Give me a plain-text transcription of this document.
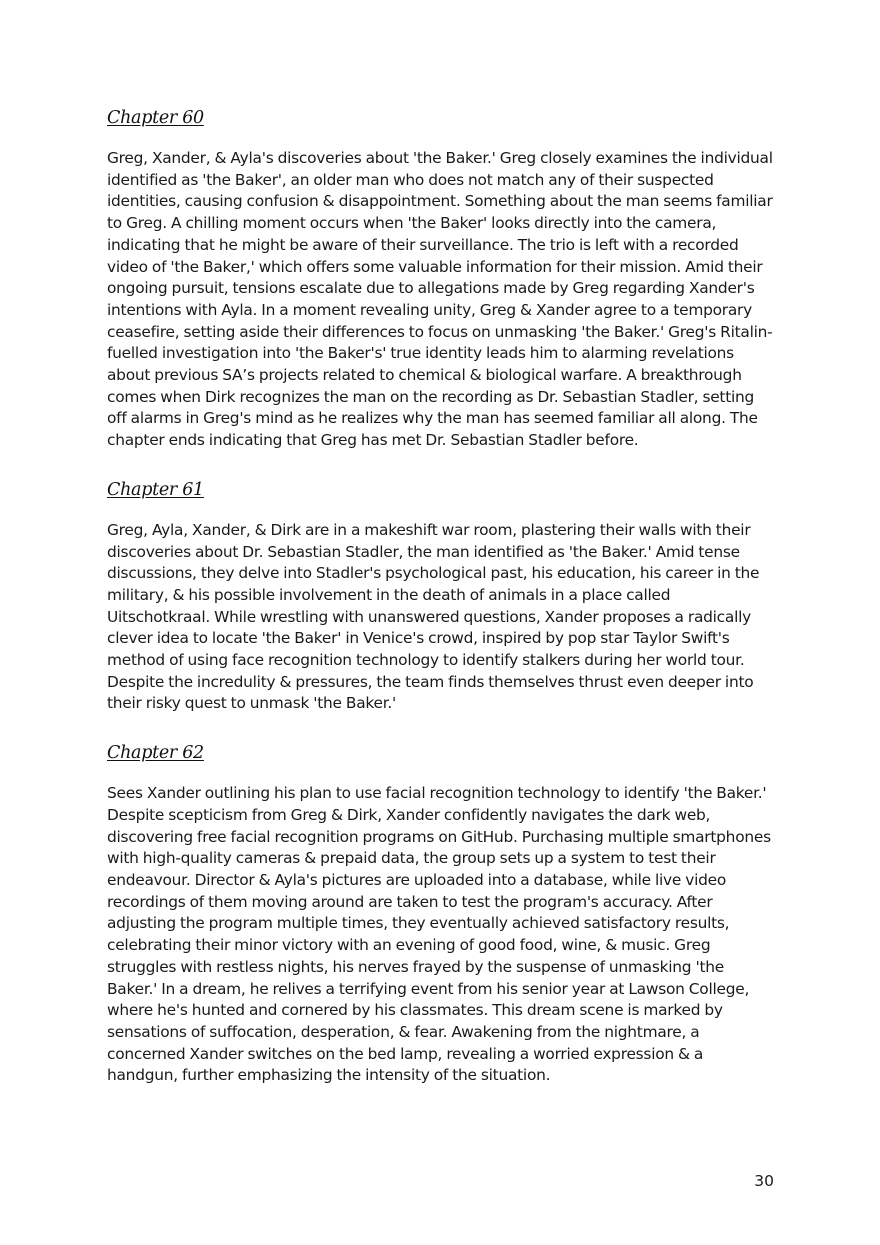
Chapter 60

Greg, Xander, & Ayla's discoveries about 'the Baker.' Greg closely examines the individual identified as 'the Baker', an older man who does not match any of their suspected identities, causing confusion & disappointment. Something about the man seems familiar to Greg. A chilling moment occurs when 'the Baker' looks directly into the camera, indicating that he might be aware of their surveillance. The trio is left with a recorded video of 'the Baker,' which offers some valuable information for their mission. Amid their ongoing pursuit, tensions escalate due to allegations made by Greg regarding Xander's intentions with Ayla. In a moment revealing unity, Greg & Xander agree to a temporary ceasefire, setting aside their differences to focus on unmasking 'the Baker.' Greg's Ritalin-fuelled investigation into 'the Baker's' true identity leads him to alarming revelations about previous SA’s projects related to chemical & biological warfare. A breakthrough comes when Dirk recognizes the man on the recording as Dr. Sebastian Stadler, setting off alarms in Greg's mind as he realizes why the man has seemed familiar all along. The chapter ends indicating that Greg has met Dr. Sebastian Stadler before.

Chapter 61

Greg, Ayla, Xander, & Dirk are in a makeshift war room, plastering their walls with their discoveries about Dr. Sebastian Stadler, the man identified as 'the Baker.' Amid tense discussions, they delve into Stadler's psychological past, his education, his career in the military, & his possible involvement in the death of animals in a place called Uitschotkraal. While wrestling with unanswered questions, Xander proposes a radically clever idea to locate 'the Baker' in Venice's crowd, inspired by pop star Taylor Swift's method of using face recognition technology to identify stalkers during her world tour. Despite the incredulity & pressures, the team finds themselves thrust even deeper into their risky quest to unmask 'the Baker.'

Chapter 62

Sees Xander outlining his plan to use facial recognition technology to identify 'the Baker.' Despite scepticism from Greg & Dirk, Xander confidently navigates the dark web, discovering free facial recognition programs on GitHub. Purchasing multiple smartphones with high-quality cameras & prepaid data, the group sets up a system to test their endeavour. Director & Ayla's pictures are uploaded into a database, while live video recordings of them moving around are taken to test the program's accuracy. After adjusting the program multiple times, they eventually achieved satisfactory results, celebrating their minor victory with an evening of good food, wine, & music. Greg struggles with restless nights, his nerves frayed by the suspense of unmasking 'the Baker.' In a dream, he relives a terrifying event from his senior year at Lawson College, where he's hunted and cornered by his classmates. This dream scene is marked by sensations of suffocation, desperation, & fear. Awakening from the nightmare, a concerned Xander switches on the bed lamp, revealing a worried expression & a handgun, further emphasizing the intensity of the situation.

30
